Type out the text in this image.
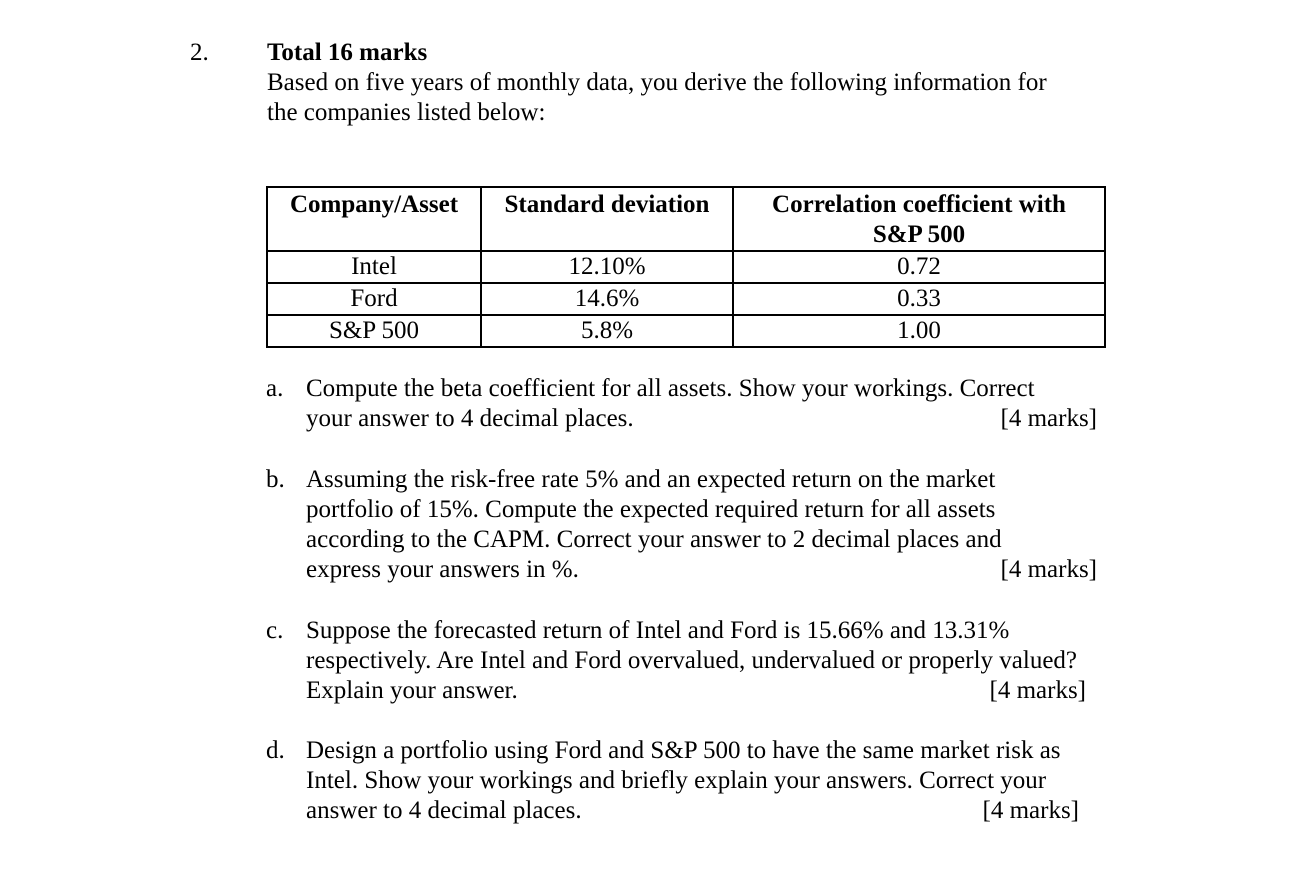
2. Total 16 marks
Based on five years of monthly data, you derive the following information for
the companies listed below:
Company/Asset	Standard deviation	Correlation coefficient with
S&P 500
Intel	12.10%	0.72
Ford	14.6%	0.33
S&P 500	5.8%	1.00
a. Compute the beta coefficient for all assets. Show your workings. Correct
your answer to 4 decimal places.	[4 marks]
b. Assuming the risk-free rate 5% and an expected return on the market
portfolio of 15%. Compute the expected required return for all assets
according to the CAPM. Correct your answer to 2 decimal places and
express your answers in %.	[4 marks]
c. Suppose the forecasted return of Intel and Ford is 15.66% and 13.31%
respectively. Are Intel and Ford overvalued, undervalued or properly valued?
Explain your answer.	[4 marks]
d. Design a portfolio using Ford and S&P 500 to have the same market risk as
Intel. Show your workings and briefly explain your answers. Correct your
answer to 4 decimal places.	[4 marks]
